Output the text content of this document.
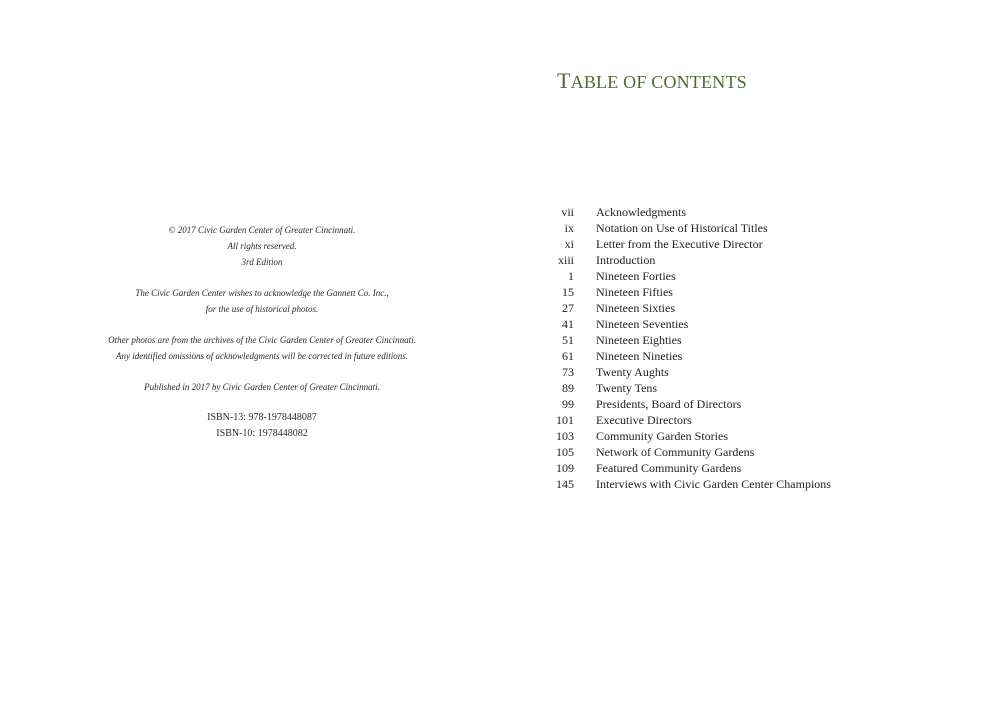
© 2017 Civic Garden Center of Greater Cincinnati.
All rights reserved.
3rd Edition
The Civic Garden Center wishes to acknowledge the Gannett Co. Inc.,
for the use of historical photos.
Other photos are from the archives of the Civic Garden Center of Greater Cincinnati.
Any identified omissions of acknowledgments will be corrected in future editions.
Published in 2017 by Civic Garden Center of Greater Cincinnati.
ISBN-13: 978-1978448087
ISBN-10: 1978448082
TABLE OF CONTENTS
vii	Acknowledgments
ix	Notation on Use of Historical Titles
xi	Letter from the Executive Director
xiii	Introduction
1	Nineteen Forties
15	Nineteen Fifties
27	Nineteen Sixties
41	Nineteen Seventies
51	Nineteen Eighties
61	Nineteen Nineties
73	Twenty Aughts
89	Twenty Tens
99	Presidents, Board of Directors
101	Executive Directors
103	Community Garden Stories
105	Network of Community Gardens
109	Featured Community Gardens
145	Interviews with Civic Garden Center Champions
